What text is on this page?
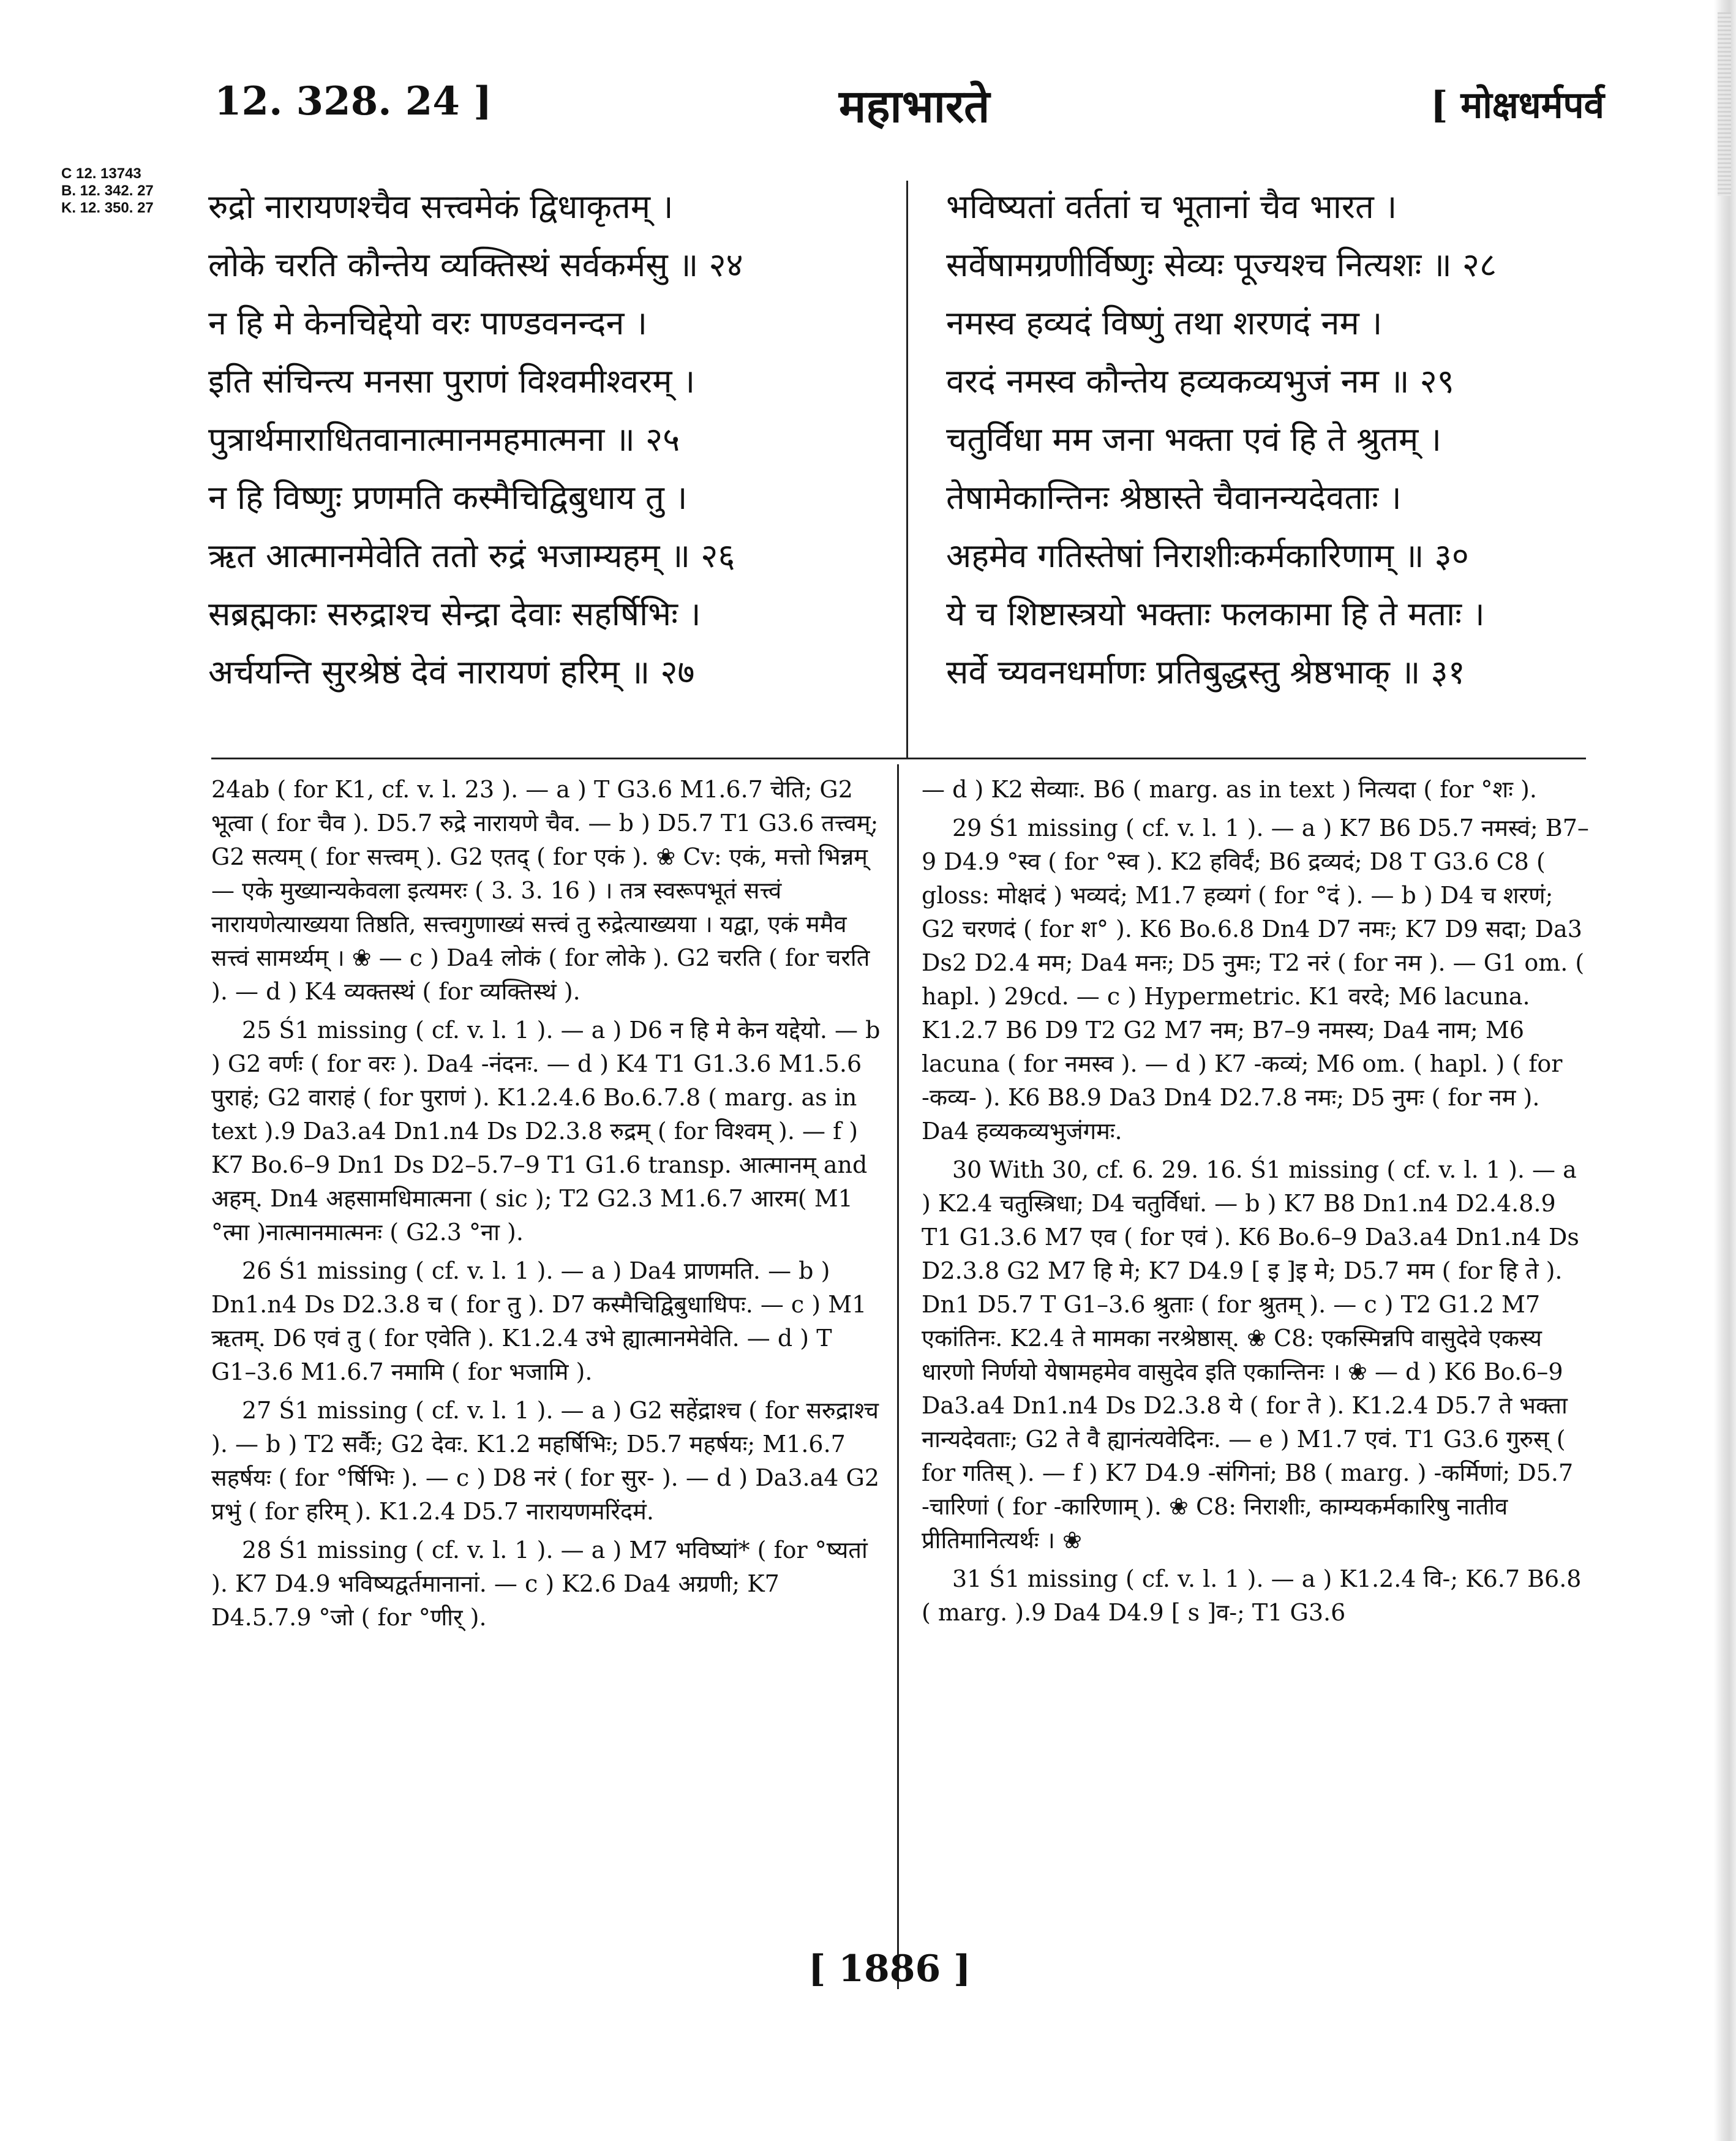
12. 328. 24 ]	महाभारते	[ मोक्षधर्मपर्व
C 12. 13743
B. 12. 342. 27
K. 12. 350. 27 रुद्रो नारायणश्चैव सत्त्वमेकं द्विधाकृतम् ।
लोके चरति कौन्तेय व्यक्तिस्थं सर्वकर्मसु ॥ २४
न हि मे केनचिद्देयो वरः पाण्डवनन्दन ।
इति संचिन्त्य मनसा पुराणं विश्वमीश्वरम् ।
पुत्रार्थमाराधितवानात्मानमहमात्मना ॥ २५
न हि विष्णुः प्रणमति कस्मैचिद्विबुधाय तु ।
ऋत आत्मानमेवेति ततो रुद्रं भजाम्यहम् ॥ २६
सब्रह्मकाः सरुद्राश्च सेन्द्रा देवाः सहर्षिभिः ।
अर्चयन्ति सुरश्रेष्ठं देवं नारायणं हरिम् ॥ २७
भविष्यतां वर्ततां च भूतानां चैव भारत ।
सर्वेषामग्रणीर्विष्णुः सेव्यः पूज्यश्च नित्यशः ॥ २८
नमस्व हव्यदं विष्णुं तथा शरणदं नम ।
वरदं नमस्व कौन्तेय हव्यकव्यभुजं नम ॥ २९
चतुर्विधा मम जना भक्ता एवं हि ते श्रुतम् ।
तेषामेकान्तिनः श्रेष्ठास्ते चैवानन्यदेवताः ।
अहमेव गतिस्तेषां निराशीःकर्मकारिणाम् ॥ ३०
ये च शिष्टास्त्रयो भक्ताः फलकामा हि ते मताः ।
सर्वे च्यवनधर्माणः प्रतिबुद्धस्तु श्रेष्ठभाक् ॥ ३१

24ab ( for K1, cf. v. l. 23 ). — a ) T G3.6 M1.6.7 चेति; G2 भूत्वा ( for चैव ). D5.7 रुद्रे नारायणे चैव. — b ) D5.7 T1 G3.6 तत्त्वम्; G2 सत्यम् ( for सत्त्वम् ). G2 एतद् ( for एकं ). ❀ Cv: एकं, मत्तो भिन्नम् — एके मुख्यान्यकेवला इत्यमरः ( 3. 3. 16 ) । तत्र स्वरूपभूतं सत्त्वं नारायणेत्याख्यया तिष्ठति, सत्त्वगुणाख्यं सत्त्वं तु रुद्रेत्याख्यया । यद्वा, एकं ममैव सत्त्वं सामर्थ्यम् । ❀ — c ) Da4 लोकं ( for लोके ). G2 चरति ( for चरति ). — d ) K4 व्यक्तस्थं ( for व्यक्तिस्थं ).

25 Ś1 missing ( cf. v. l. 1 ). — a ) D6 न हि मे केन यद्देयो. — b ) G2 वर्णः ( for वरः ). Da4 -नंदनः. — d ) K4 T1 G1.3.6 M1.5.6 पुराहं; G2 वाराहं ( for पुराणं ). K1.2.4.6 Bo.6.7.8 ( marg. as in text ).9 Da3.a4 Dn1.n4 Ds D2.3.8 रुद्रम् ( for विश्वम् ). — f ) K7 Bo.6–9 Dn1 Ds D2–5.7–9 T1 G1.6 transp. आत्मानम् and अहम्. Dn4 अहसामधिमात्मना ( sic ); T2 G2.3 M1.6.7 आरम( M1 °त्मा )नात्मानमात्मनः ( G2.3 °ना ).

26 Ś1 missing ( cf. v. l. 1 ). — a ) Da4 प्राणमति. — b ) Dn1.n4 Ds D2.3.8 च ( for तु ). D7 कस्मैचिद्विबुधाधिपः. — c ) M1 ऋतम्. D6 एवं तु ( for एवेति ). K1.2.4 उभे ह्यात्मानमेवेति. — d ) T G1–3.6 M1.6.7 नमामि ( for भजामि ).

27 Ś1 missing ( cf. v. l. 1 ). — a ) G2 सहेंद्राश्च ( for सरुद्राश्च ). — b ) T2 सर्वैः; G2 देवः. K1.2 महर्षिभिः; D5.7 महर्षयः; M1.6.7 सहर्षयः ( for °र्षिभिः ). — c ) D8 नरं ( for सुर- ). — d ) Da3.a4 G2 प्रभुं ( for हरिम् ). K1.2.4 D5.7 नारायणमरिंदमं.

28 Ś1 missing ( cf. v. l. 1 ). — a ) M7 भविष्यां* ( for °ष्यतां ). K7 D4.9 भविष्यद्वर्तमानानां. — c ) K2.6 Da4 अग्रणी; K7 D4.5.7.9 °जो ( for °णीर् ).

— d ) K2 सेव्याः. B6 ( marg. as in text ) नित्यदा ( for °शः ).

29 Ś1 missing ( cf. v. l. 1 ). — a ) K7 B6 D5.7 नमस्वं; B7–9 D4.9 °स्व ( for °स्व ). K2 हविर्दं; B6 द्रव्यदं; D8 T G3.6 C8 ( gloss: मोक्षदं ) भव्यदं; M1.7 हव्यगं ( for °दं ). — b ) D4 च शरणं; G2 चरणदं ( for श° ). K6 Bo.6.8 Dn4 D7 नमः; K7 D9 सदा; Da3 Ds2 D2.4 मम; Da4 मनः; D5 नुमः; T2 नरं ( for नम ). — G1 om. ( hapl. ) 29cd. — c ) Hypermetric. K1 वरदे; M6 lacuna. K1.2.7 B6 D9 T2 G2 M7 नम; B7–9 नमस्य; Da4 नाम; M6 lacuna ( for नमस्व ). — d ) K7 -कव्यं; M6 om. ( hapl. ) ( for -कव्य- ). K6 B8.9 Da3 Dn4 D2.7.8 नमः; D5 नुमः ( for नम ). Da4 हव्यकव्यभुजंगमः.

30 With 30, cf. 6. 29. 16. Ś1 missing ( cf. v. l. 1 ). — a ) K2.4 चतुस्त्रिधा; D4 चतुर्विधां. — b ) K7 B8 Dn1.n4 D2.4.8.9 T1 G1.3.6 M7 एव ( for एवं ). K6 Bo.6–9 Da3.a4 Dn1.n4 Ds D2.3.8 G2 M7 हि मे; K7 D4.9 [ इ ]इ मे; D5.7 मम ( for हि ते ). Dn1 D5.7 T G1–3.6 श्रुताः ( for श्रुतम् ). — c ) T2 G1.2 M7 एकांतिनः. K2.4 ते मामका नरश्रेष्ठास्. ❀ C8: एकस्मिन्नपि वासुदेवे एकस्य धारणो निर्णयो येषामहमेव वासुदेव इति एकान्तिनः । ❀ — d ) K6 Bo.6–9 Da3.a4 Dn1.n4 Ds D2.3.8 ये ( for ते ). K1.2.4 D5.7 ते भक्ता नान्यदेवताः; G2 ते वै ह्यानंत्यवेदिनः. — e ) M1.7 एवं. T1 G3.6 गुरुस् ( for गतिस् ). — f ) K7 D4.9 -संगिनां; B8 ( marg. ) -कर्मिणां; D5.7 -चारिणां ( for -कारिणाम् ). ❀ C8: निराशीः, काम्यकर्मकारिषु नातीव प्रीतिमानित्यर्थः । ❀

31 Ś1 missing ( cf. v. l. 1 ). — a ) K1.2.4 वि-; K6.7 B6.8 ( marg. ).9 Da4 D4.9 [ s ]व-; T1 G3.6

[ 1886 ]
